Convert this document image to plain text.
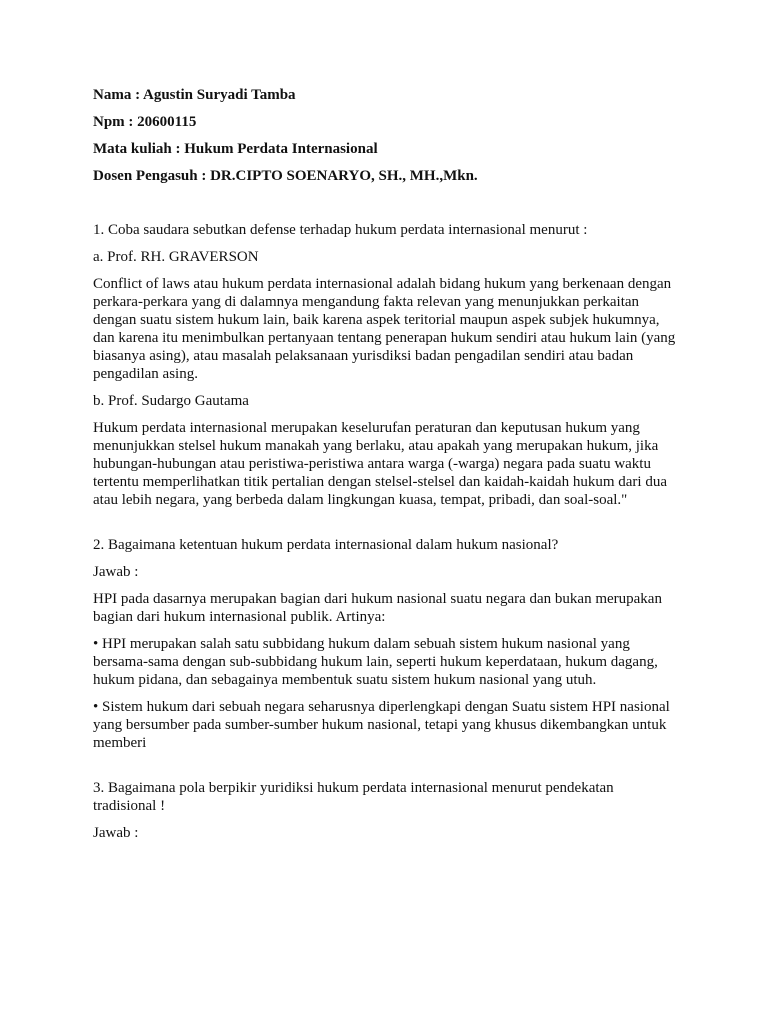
Nama : Agustin Suryadi Tamba

Npm : 20600115

Mata kuliah : Hukum Perdata Internasional

Dosen Pengasuh : DR.CIPTO SOENARYO, SH., MH.,Mkn.

1. Coba saudara sebutkan defense terhadap hukum perdata internasional menurut :

a. Prof. RH. GRAVERSON

Conflict of laws atau hukum perdata internasional adalah bidang hukum yang berkenaan dengan perkara-perkara yang di dalamnya mengandung fakta relevan yang menunjukkan perkaitan dengan suatu sistem hukum lain, baik karena aspek teritorial maupun aspek subjek hukumnya, dan karena itu menimbulkan pertanyaan tentang penerapan hukum sendiri atau hukum lain (yang biasanya asing), atau masalah pelaksanaan yurisdiksi badan pengadilan sendiri atau badan pengadilan asing.

b. Prof. Sudargo Gautama

Hukum perdata internasional merupakan keselurufan peraturan dan keputusan hukum yang menunjukkan stelsel hukum manakah yang berlaku, atau apakah yang merupakan hukum, jika hubungan-hubungan atau peristiwa-peristiwa antara warga (-warga) negara pada suatu waktu tertentu memperlihatkan titik pertalian dengan stelsel-stelsel dan kaidah-kaidah hukum dari dua atau lebih negara, yang berbeda dalam lingkungan kuasa, tempat, pribadi, dan soal-soal."

2. Bagaimana ketentuan hukum perdata internasional dalam hukum nasional?

Jawab :

HPI pada dasarnya merupakan bagian dari hukum nasional suatu negara dan bukan merupakan bagian dari hukum internasional publik. Artinya:

• HPI merupakan salah satu subbidang hukum dalam sebuah sistem hukum nasional yang bersama-sama dengan sub-subbidang hukum lain, seperti hukum keperdataan, hukum dagang, hukum pidana, dan sebagainya membentuk suatu sistem hukum nasional yang utuh.

• Sistem hukum dari sebuah negara seharusnya diperlengkapi dengan Suatu sistem HPI nasional yang bersumber pada sumber-sumber hukum nasional, tetapi yang khusus dikembangkan untuk memberi

3. Bagaimana pola berpikir yuridiksi hukum perdata internasional menurut pendekatan tradisional !

Jawab :
